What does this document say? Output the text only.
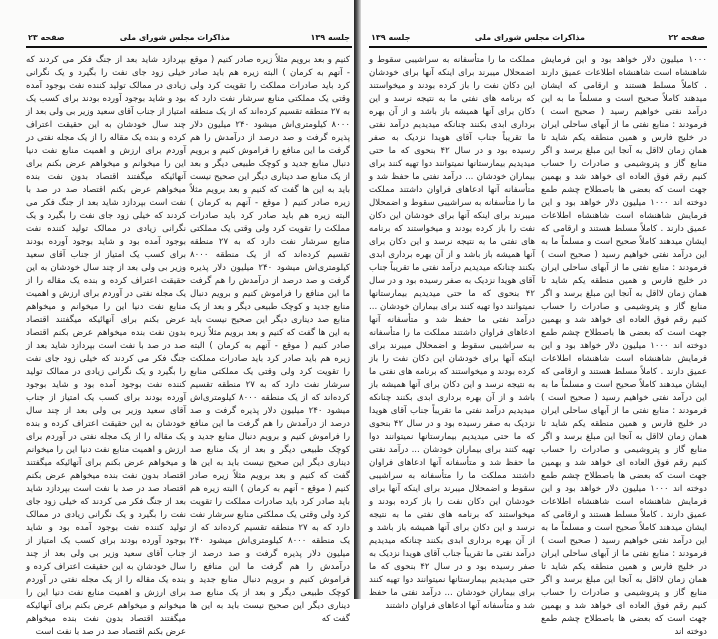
جلسه ۱۳۹
مذاکرات مجلس شورای ملی
صفحه ۲۳
کنیم و بعد برویم مثلاً زیره صادر کنیم ( موقع - آنهم به کرمان ) البته زیره هم باید صادر کرد باید صادرات مملکت را تقویت کرد ولی وقتی یک مملکتی منابع سرشار نفت دارد که به ۲۷ منطقه تقسیم کرده‌اند که از یک منطقه ۸۰۰۰ کیلومتری‌اش میشود ۲۴۰ میلیون دلار پذیره گرفت و صد درصد از درآمدش را هم گرفت ما این منافع را فراموش کنیم و برویم دنبال منابع جدید و کوچک طبیعی دیگر و بعد از یک منابع صد دیناری دیگر این صحیح نیست باید به این ها گفت که کنیم و بعد برویم مثلاً زیره صادر کنیم ( موقع - آنهم به کرمان ) البته زیره هم باید صادر کرد باید صادرات مملکت را تقویت کرد ولی وقتی یک مملکتی منابع سرشار نفت دارد که به ۲۷ منطقه تقسیم کرده‌اند که از یک منطقه ۸۰۰۰ کیلومتری‌اش میشود ۲۴۰ میلیون دلار پذیره گرفت و صد درصد از درآمدش را هم گرفت ما این منافع را فراموش کنیم و برویم دنبال منابع جدید و کوچک طبیعی دیگر و بعد از یک منابع صد دیناری دیگر این صحیح نیست باید به این ها گفت که کنیم و بعد برویم مثلاً زیره صادر کنیم ( موقع - آنهم به کرمان ) البته زیره هم باید صادر کرد باید صادرات مملکت را تقویت کرد ولی وقتی یک مملکتی منابع سرشار نفت دارد که به ۲۷ منطقه تقسیم کرده‌اند که از یک منطقه ۸۰۰۰ کیلومتری‌اش میشود ۲۴۰ میلیون دلار پذیره گرفت و صد درصد از درآمدش را هم گرفت ما این منافع را فراموش کنیم و برویم دنبال منابع جدید و کوچک طبیعی دیگر و بعد از یک منابع صد دیناری دیگر این صحیح نیست باید به این ها گفت که کنیم و بعد برویم مثلاً زیره صادر کنیم ( موقع - آنهم به کرمان ) البته زیره هم باید صادر کرد باید صادرات مملکت را تقویت کرد ولی وقتی یک مملکتی منابع سرشار نفت دارد که به ۲۷ منطقه تقسیم کرده‌اند که از یک منطقه ۸۰۰۰ کیلومتری‌اش میشود ۲۴۰ میلیون دلار پذیره گرفت و صد درصد از درآمدش را هم گرفت ما این منافع را فراموش کنیم و برویم دنبال منابع جدید و کوچک طبیعی دیگر و بعد از یک منابع صد دیناری دیگر این صحیح نیست باید به این ها گفت که
بپردازد شاید بعد از جنگ فکر می کردند که خیلی زود جای نفت را بگیرد و یک نگرانی زیادی در ممالک تولید کننده نفت بوجود آمده بود و شاید بوجود آورده بودند برای کسب یک امتیاز از جناب آقای سعید وزیر بی ولی بعد از چند سال خودشان به این حقیقت اعتراف کرده و بنده یک مقاله را از یک مجله نفتی در آوردم برای ارزش و اهمیت منابع نفت دنیا این را میخوانم و میخواهم عرض بکنم برای آنهائیکه میگفتند اقتصاد بدون نفت بنده میخواهم عرض بکنم اقتصاد صد در صد با نفت است بپردازد شاید بعد از جنگ فکر می کردند که خیلی زود جای نفت را بگیرد و یک نگرانی زیادی در ممالک تولید کننده نفت بوجود آمده بود و شاید بوجود آورده بودند برای کسب یک امتیاز از جناب آقای سعید وزیر بی ولی بعد از چند سال خودشان به این حقیقت اعتراف کرده و بنده یک مقاله را از یک مجله نفتی در آوردم برای ارزش و اهمیت منابع نفت دنیا این را میخوانم و میخواهم عرض بکنم برای آنهائیکه میگفتند اقتصاد بدون نفت بنده میخواهم عرض بکنم اقتصاد صد در صد با نفت است بپردازد شاید بعد از جنگ فکر می کردند که خیلی زود جای نفت را بگیرد و یک نگرانی زیادی در ممالک تولید کننده نفت بوجود آمده بود و شاید بوجود آورده بودند برای کسب یک امتیاز از جناب آقای سعید وزیر بی ولی بعد از چند سال خودشان به این حقیقت اعتراف کرده و بنده یک مقاله را از یک مجله نفتی در آوردم برای ارزش و اهمیت منابع نفت دنیا این را میخوانم و میخواهم عرض بکنم برای آنهائیکه میگفتند اقتصاد بدون نفت بنده میخواهم عرض بکنم اقتصاد صد در صد با نفت است بپردازد شاید بعد از جنگ فکر می کردند که خیلی زود جای نفت را بگیرد و یک نگرانی زیادی در ممالک تولید کننده نفت بوجود آمده بود و شاید بوجود آورده بودند برای کسب یک امتیاز از جناب آقای سعید وزیر بی ولی بعد از چند سال خودشان به این حقیقت اعتراف کرده و بنده یک مقاله را از یک مجله نفتی در آوردم برای ارزش و اهمیت منابع نفت دنیا این را میخوانم و میخواهم عرض بکنم برای آنهائیکه میگفتند اقتصاد بدون نفت بنده میخواهم عرض بکنم اقتصاد صد در صد با نفت است
صفحه ۲۲
مذاکرات مجلس شورای ملی
جلسه ۱۳۹
۱۰۰۰ میلیون دلار خواهد بود و این فرمایش شاهنشاه است شاهنشاه اطلاعات عمیق دارند . کاملاً مسلط هستند و ارقامی که ایشان میدهند کاملاً صحیح است و مسلماً ما به این درآمد نفتی خواهیم رسید ( صحیح است ) فرمودند : منابع نفتی ما از آبهای ساحلی ایران در خلیج فارس و همین منطقه یکم شاید تا همان زمان لااقل به آنجا این مبلغ برسد و اگر منابع گاز و پتروشیمی و صادرات را حساب کنیم رقم فوق العاده ای خواهد شد و بهمین جهت است که بعضی ها باصطلاح چشم طمع دوخته اند ۱۰۰۰ میلیون دلار خواهد بود و این فرمایش شاهنشاه است شاهنشاه اطلاعات عمیق دارند . کاملاً مسلط هستند و ارقامی که ایشان میدهند کاملاً صحیح است و مسلماً ما به این درآمد نفتی خواهیم رسید ( صحیح است ) فرمودند : منابع نفتی ما از آبهای ساحلی ایران در خلیج فارس و همین منطقه یکم شاید تا همان زمان لااقل به آنجا این مبلغ برسد و اگر منابع گاز و پتروشیمی و صادرات را حساب کنیم رقم فوق العاده ای خواهد شد و بهمین جهت است که بعضی ها باصطلاح چشم طمع دوخته اند ۱۰۰۰ میلیون دلار خواهد بود و این فرمایش شاهنشاه است شاهنشاه اطلاعات عمیق دارند . کاملاً مسلط هستند و ارقامی که ایشان میدهند کاملاً صحیح است و مسلماً ما به این درآمد نفتی خواهیم رسید ( صحیح است ) فرمودند : منابع نفتی ما از آبهای ساحلی ایران در خلیج فارس و همین منطقه یکم شاید تا همان زمان لااقل به آنجا این مبلغ برسد و اگر منابع گاز و پتروشیمی و صادرات را حساب کنیم رقم فوق العاده ای خواهد شد و بهمین جهت است که بعضی ها باصطلاح چشم طمع دوخته اند ۱۰۰۰ میلیون دلار خواهد بود و این فرمایش شاهنشاه است شاهنشاه اطلاعات عمیق دارند . کاملاً مسلط هستند و ارقامی که ایشان میدهند کاملاً صحیح است و مسلماً ما به این درآمد نفتی خواهیم رسید ( صحیح است ) فرمودند : منابع نفتی ما از آبهای ساحلی ایران در خلیج فارس و همین منطقه یکم شاید تا همان زمان لااقل به آنجا این مبلغ برسد و اگر منابع گاز و پتروشیمی و صادرات را حساب کنیم رقم فوق العاده ای خواهد شد و بهمین جهت است که بعضی ها باصطلاح چشم طمع دوخته اند
مملکت ما را متأسفانه به سراشیبی سقوط و اضمحلال میبرند برای اینکه آنها برای خودشان این دکان نفت را باز کرده بودند و میخواستند که برنامه های نفتی ما به نتیجه نرسد و این دکان برای آنها همیشه باز باشد و از آن بهره برداری ابدی بکنند چنانکه میدیدیم درآمد نفتی ما تقریباً جناب آقای هویدا نزدیک به صفر رسیده بود و در سال ۴۲ بنحوی که ما حتی میدیدیم بیمارستانها نمیتوانند دوا تهیه کنند برای بیماران خودشان ... درآمد نفتی ما حفظ شد و متأسفانه آنها ادعاهای فراوان داشتند مملکت ما را متأسفانه به سراشیبی سقوط و اضمحلال میبرند برای اینکه آنها برای خودشان این دکان نفت را باز کرده بودند و میخواستند که برنامه های نفتی ما به نتیجه نرسد و این دکان برای آنها همیشه باز باشد و از آن بهره برداری ابدی بکنند چنانکه میدیدیم درآمد نفتی ما تقریباً جناب آقای هویدا نزدیک به صفر رسیده بود و در سال ۴۲ بنحوی که ما حتی میدیدیم بیمارستانها نمیتوانند دوا تهیه کنند برای بیماران خودشان ... درآمد نفتی ما حفظ شد و متأسفانه آنها ادعاهای فراوان داشتند مملکت ما را متأسفانه به سراشیبی سقوط و اضمحلال میبرند برای اینکه آنها برای خودشان این دکان نفت را باز کرده بودند و میخواستند که برنامه های نفتی ما به نتیجه نرسد و این دکان برای آنها همیشه باز باشد و از آن بهره برداری ابدی بکنند چنانکه میدیدیم درآمد نفتی ما تقریباً جناب آقای هویدا نزدیک به صفر رسیده بود و در سال ۴۲ بنحوی که ما حتی میدیدیم بیمارستانها نمیتوانند دوا تهیه کنند برای بیماران خودشان ... درآمد نفتی ما حفظ شد و متأسفانه آنها ادعاهای فراوان داشتند مملکت ما را متأسفانه به سراشیبی سقوط و اضمحلال میبرند برای اینکه آنها برای خودشان این دکان نفت را باز کرده بودند و میخواستند که برنامه های نفتی ما به نتیجه نرسد و این دکان برای آنها همیشه باز باشد و از آن بهره برداری ابدی بکنند چنانکه میدیدیم درآمد نفتی ما تقریباً جناب آقای هویدا نزدیک به صفر رسیده بود و در سال ۴۲ بنحوی که ما حتی میدیدیم بیمارستانها نمیتوانند دوا تهیه کنند برای بیماران خودشان ... درآمد نفتی ما حفظ شد و متأسفانه آنها ادعاهای فراوان داشتند
